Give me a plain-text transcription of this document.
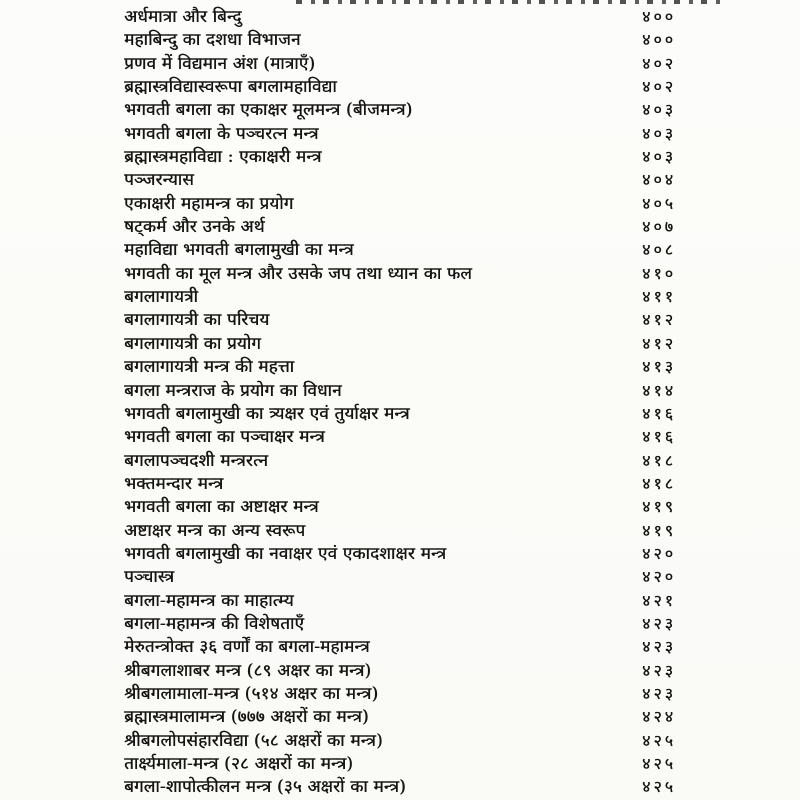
अर्धमात्रा और बिन्दु	४००
महाबिन्दु का दशधा विभाजन	४००
प्रणव में विद्यमान अंश (मात्राएँ)	४०२
ब्रह्मास्त्रविद्यास्वरूपा बगलामहाविद्या	४०२
भगवती बगला का एकाक्षर मूलमन्त्र (बीजमन्त्र)	४०३
भगवती बगला के पञ्चरत्न मन्त्र	४०३
ब्रह्मास्त्रमहाविद्या : एकाक्षरी मन्त्र	४०३
पञ्जरन्यास	४०४
एकाक्षरी महामन्त्र का प्रयोग	४०५
षट्कर्म और उनके अर्थ	४०७
महाविद्या भगवती बगलामुखी का मन्त्र	४०८
भगवती का मूल मन्त्र और उसके जप तथा ध्यान का फल	४१०
बगलागायत्री	४११
बगलागायत्री का परिचय	४१२
बगलागायत्री का प्रयोग	४१२
बगलागायत्री मन्त्र की महत्ता	४१३
बगला मन्त्रराज के प्रयोग का विधान	४१४
भगवती बगलामुखी का त्र्यक्षर एवं तुर्याक्षर मन्त्र	४१६
भगवती बगला का पञ्चाक्षर मन्त्र	४१६
बगलापञ्चदशी मन्त्ररत्न	४१८
भक्तमन्दार मन्त्र	४१८
भगवती बगला का अष्टाक्षर मन्त्र	४१९
अष्टाक्षर मन्त्र का अन्य स्वरूप	४१९
भगवती बगलामुखी का नवाक्षर एवं एकादशाक्षर मन्त्र	४२०
पञ्चास्त्र	४२०
बगला-महामन्त्र का माहात्म्य	४२१
बगला-महामन्त्र की विशेषताएँ	४२३
मेरुतन्त्रोक्त ३६ वर्णों का बगला-महामन्त्र	४२३
श्रीबगलाशाबर मन्त्र (८९ अक्षर का मन्त्र)	४२३
श्रीबगलामाला-मन्त्र (५१४ अक्षर का मन्त्र)	४२३
ब्रह्मास्त्रमालामन्त्र (७७७ अक्षरों का मन्त्र)	४२४
श्रीबगलोपसंहारविद्या (५८ अक्षरों का मन्त्र)	४२५
तार्क्ष्यमाला-मन्त्र (२८ अक्षरों का मन्त्र)	४२५
बगला-शापोत्कीलन मन्त्र (३५ अक्षरों का मन्त्र)	४२५
